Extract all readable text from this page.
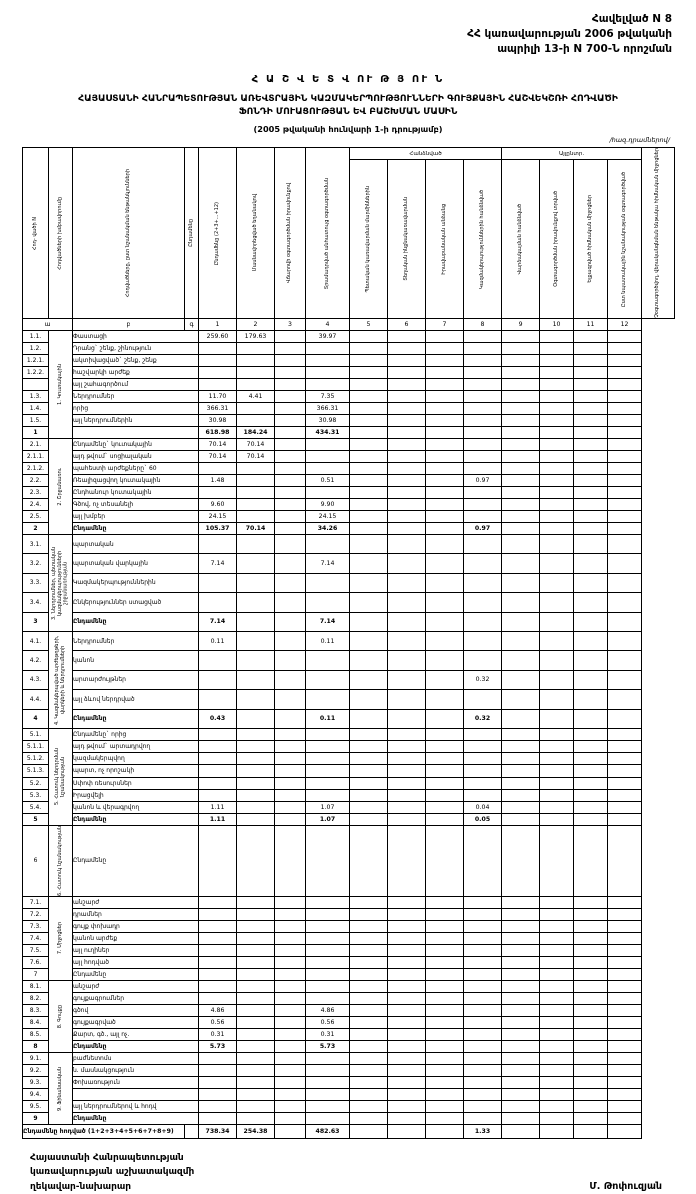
Հավելված N 8
ՀՀ կառավարության 2006 թվականի
ապրիլի 13-ի N 700-Ն որոշման
Հ Ա Շ Վ Ե Տ Վ ՈՒ Թ Յ ՈՒ Ն
ՀԱՅԱՍՏԱՆԻ ՀԱՆՐԱՊԵՏՈՒԹՅԱՆ ԱՌԵՎՏՐԱՅԻՆ ԿԱԶՄԱԿԵՐՊՈՒԹՅՈՒՆՆԵՐԻ ԳՈՒՅՔԱՅԻՆ ՀԱՇՎԵԿՇՌԻ ՀՈԴՎԱԾԻ
ՖՈՆԴԻ ՄՈՒԱՑՈՒԹՅԱՆ ԵՎ ԲԱՇԽՄԱՆ ՄԱՍԻՆ
(2005 թվականի հունվարի 1-ի դրությամբ)
/հազ.դրամներով/
Հոդ- վածի N	Հոդվածների խմբավորումը	Հոդվածները, ըստ նշանակման ենթանկյունների	Ընդամենը	Ընդամենը (2+3+...+12)	Մասնավորեցված եղանակով	Վճարովի օգտագործման իրավունքով	Տրամադրված անհատույց օգտագործման	Հանձնված				Այլընտր.				Չօգտագործվող, վերականգնման ենթակա հիմնական միջոցներ

								Պետական կառավարման մարմիններին	Տեղական ինքնակառավարման	Իրավաբանական անձանց	Կազմակերպություններին հանձնված	Վարձակալման հանձնված	Օգտագործման իրավունքով տրված	Ելքագրված հիմնական միջոցներ	Ըստ նպատակային նշանակության օգտագործված	

ա		բ	գ	1	2	3	4	5	6	7	8	9	10	11	12	
1.1.	1. Կուտակային	Փաստացի		259.60	179.63		39.97									
1.2.		Դրանց` շենք, շինություն														
1.2.1.		ակտիվացված` շենք, շենք														
1.2.2.		հաշվարկի արժեք														
		այլ շահագործում														
1.3.		Ներդրումներ		11.70	4.41		7.35									
1.4.		որից		366.31			366.31									
1.5.		այլ ներդրումներին		30.98			30.98									
1				618.98	184.24		434.31									
2.1.	2. Շրջանառու	Ընդամենը` կուտակային		70.14	70.14											
2.1.1.		այդ թվում` սոցիալական		70.14	70.14											
2.1.2.		պահեստի արժեքները` 60														
2.2.		Ռեալիզացվող կուտակային		1.48			0.51				0.97					
2.3.		Ընդհանուր կուտակային														
2.4.		Գծով, ոչ տեսանելի		9.60			9.90									
2.5.		այլ խմբեր		24.15			24.15									
2		Ընդամենը		105.37	70.14		34.26				0.97					
3.1.	3. Ներդրումներ, պետական կազմակերպությունների շրջանառության	պարտական														
3.2.		պարտական վարկային		7.14			7.14									
3.3.		Կազմակերպություններին														
3.4.		Ընկերություններ ստացված														
3		Ընդամենը		7.14			7.14									
4.1.	4. Կազմակերպված արժեթղթերի, վարկերի և ներդրումների	Ներդրումներ		0.11			0.11									
4.2.		կանոն														
4.3.		արտարժույթներ									0.32					
4.4.		այլ ձևով ներդրված														
4		Ընդամենը		0.43			0.11				0.32					
5.1.	5. Հատուկ ներդրման նշանակության	Ընդամենը` որից														
5.1.1.		այդ թվում` արտադրվող														
5.1.2.		կազմակերպվող														
5.1.3.		պարտ, ոչ որոշակի														
5.2.		Սփոփ ռեսուրսներ														
5.3.		Իրացվելի														
5.4.		կանոն և վերագրվող		1.11			1.07				0.04					
5		Ընդամենը		1.11			1.07				0.05					
6	6. Հատուկ նշանակության	Ընդամենը														
7.1.	7. Միջոցներ	անշարժ														
7.2.		դրամներ														
7.3.		գույք փոխադր														
7.4.		կանոն արժեք														
7.5.		այլ ուղիներ														
7.6.		այլ հոդված														
7		Ընդամենը														
8.1.	8. Գույքը	անշարժ														
8.2.		գույքագրումներ														
8.3.		գծով		4.86			4.86									
8.4.		գույքագրված		0.56			0.56									
8.5.		Քարտ, գծ., այլ ոչ.		0.31			0.31									
8		Ընդամենը		5.73			5.73									
9.1.	9. Ֆինանսական	բաժնետոմս														
9.2.		ն. մասնակցություն														
9.3.		Փոխառություն														
9.4.																
9.5.		այլ ներդրումներով և հոդվ														
9		Ընդամենը														
Ընդամենը հոդված (1+2+3+4+5+6+7+8+9)				738.34	254.38		482.63				1.33					
Հայաստանի Հանրապետության
կառավարության աշխատակազմի
ղեկավար-նախարար	Մ. Թոփուզյան
